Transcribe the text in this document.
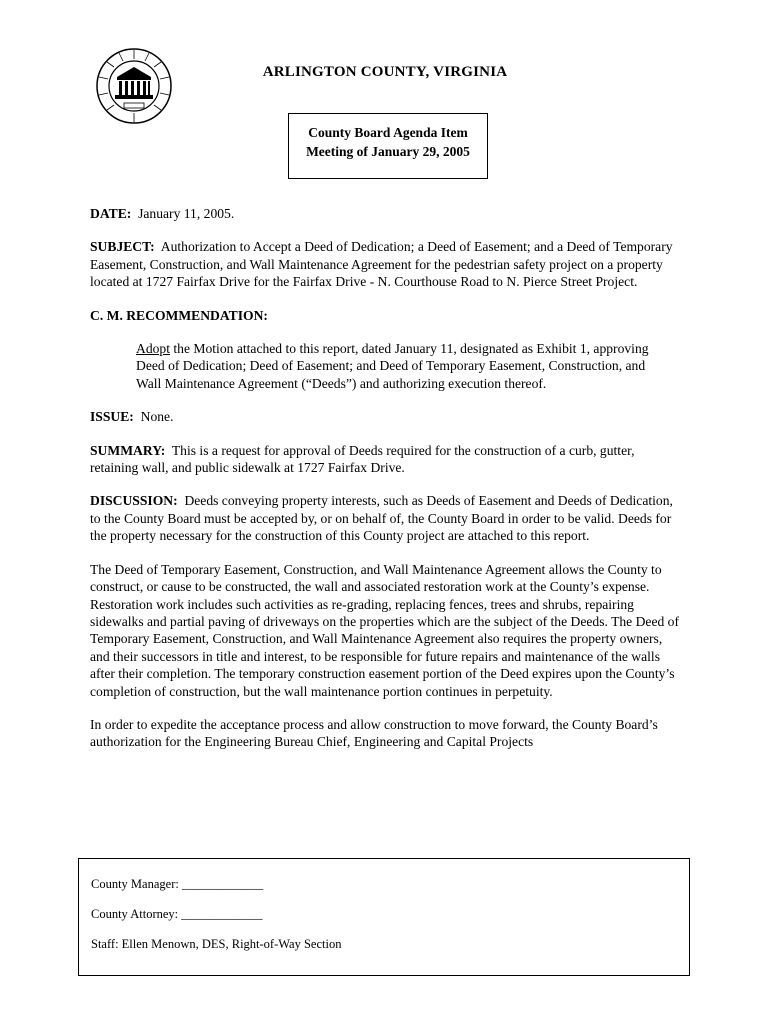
ARLINGTON COUNTY, VIRGINIA
County Board Agenda Item
Meeting of January 29, 2005

DATE: January 11, 2005.

SUBJECT: Authorization to Accept a Deed of Dedication; a Deed of Easement; and a Deed of Temporary Easement, Construction, and Wall Maintenance Agreement for the pedestrian safety project on a property located at 1727 Fairfax Drive for the Fairfax Drive - N. Courthouse Road to N. Pierce Street Project.

C. M. RECOMMENDATION:

Adopt the Motion attached to this report, dated January 11, designated as Exhibit 1, approving Deed of Dedication; Deed of Easement; and Deed of Temporary Easement, Construction, and Wall Maintenance Agreement (“Deeds”) and authorizing execution thereof.

ISSUE: None.

SUMMARY: This is a request for approval of Deeds required for the construction of a curb, gutter, retaining wall, and public sidewalk at 1727 Fairfax Drive.

DISCUSSION: Deeds conveying property interests, such as Deeds of Easement and Deeds of Dedication, to the County Board must be accepted by, or on behalf of, the County Board in order to be valid. Deeds for the property necessary for the construction of this County project are attached to this report.

The Deed of Temporary Easement, Construction, and Wall Maintenance Agreement allows the County to construct, or cause to be constructed, the wall and associated restoration work at the County’s expense. Restoration work includes such activities as re-grading, replacing fences, trees and shrubs, repairing sidewalks and partial paving of driveways on the properties which are the subject of the Deeds. The Deed of Temporary Easement, Construction, and Wall Maintenance Agreement also requires the property owners, and their successors in title and interest, to be responsible for future repairs and maintenance of the walls after their completion. The temporary construction easement portion of the Deed expires upon the County’s completion of construction, but the wall maintenance portion continues in perpetuity.

In order to expedite the acceptance process and allow construction to move forward, the County Board’s authorization for the Engineering Bureau Chief, Engineering and Capital Projects

County Manager: _____________
County Attorney: _____________
Staff: Ellen Menown, DES, Right-of-Way Section
